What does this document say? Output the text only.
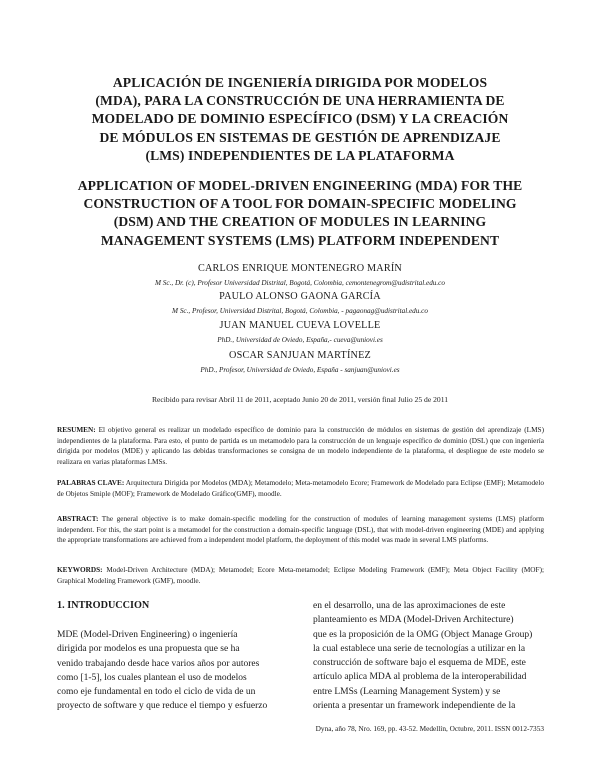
APLICACIÓN DE INGENIERÍA DIRIGIDA POR MODELOS
(MDA), PARA LA CONSTRUCCIÓN DE UNA HERRAMIENTA DE
MODELADO DE DOMINIO ESPECÍFICO (DSM) Y LA CREACIÓN
DE MÓDULOS EN SISTEMAS DE GESTIÓN DE APRENDIZAJE
(LMS) INDEPENDIENTES DE LA PLATAFORMA
APPLICATION OF MODEL-DRIVEN ENGINEERING (MDA) FOR THE
CONSTRUCTION OF A TOOL FOR DOMAIN-SPECIFIC MODELING
(DSM) AND THE CREATION OF MODULES IN LEARNING
MANAGEMENT SYSTEMS (LMS) PLATFORM INDEPENDENT
CARLOS ENRIQUE MONTENEGRO MARÍN
M Sc., Dr. (c), Profesor Universidad Distrital, Bogotá, Colombia, cemontenegrom@udistrital.edu.co
PAULO ALONSO GAONA GARCÍA
M Sc., Profesor, Universidad Distrital, Bogotá, Colombia, - pagaonag@udistrital.edu.co
JUAN MANUEL CUEVA LOVELLE
PhD., Universidad de Oviedo, España,- cueva@uniovi.es
OSCAR SANJUAN MARTÍNEZ
PhD., Profesor, Universidad de Oviedo, España - sanjuan@uniovi.es
Recibido para revisar Abril 11 de 2011, aceptado Junio 20 de 2011, versión final Julio 25 de 2011
RESUMEN: El objetivo general es realizar un modelado específico de dominio para la construcción de módulos en sistemas de gestión del aprendizaje (LMS) independientes de la plataforma. Para esto, el punto de partida es un metamodelo para la construcción de un lenguaje específico de dominio (DSL) que con ingeniería dirigida por modelos (MDE) y aplicando las debidas transformaciones se consigna de un modelo independiente de la plataforma, el despliegue de este modelo se realizara en varias plataformas LMSs.
PALABRAS CLAVE: Arquitectura Dirigida por Modelos (MDA); Metamodelo; Meta-metamodelo Ecore; Framework de Modelado para Eclipse (EMF); Metamodelo de Objetos Smiple (MOF); Framework de Modelado Gráfico(GMF), moodle.
ABSTRACT: The general objective is to make domain-specific modeling for the construction of modules of learning management systems (LMS) platform independent. For this, the start point is a metamodel for the construction a domain-specific language (DSL), that with model-driven engineering (MDE) and applying the appropriate transformations are achieved from a independent model platform, the deployment of this model was made in several LMS platforms.
KEYWORDS: Model-Driven Architecture (MDA); Metamodel; Ecore Meta-metamodel; Eclipse Modeling Framework (EMF); Meta Object Facility (MOF); Graphical Modeling Framework (GMF), moodle.
1. INTRODUCCION
MDE (Model-Driven Engineering) o ingeniería
dirigida por modelos es una propuesta que se ha
venido trabajando desde hace varios años por autores
como [1-5], los cuales plantean el uso de modelos
como eje fundamental en todo el ciclo de vida de un
proyecto de software y que reduce el tiempo y esfuerzo
en el desarrollo, una de las aproximaciones de este
planteamiento es MDA (Model-Driven Architecture)
que es la proposición de la OMG (Object Manage Group)
la cual establece una serie de tecnologías a utilizar en la
construcción de software bajo el esquema de MDE, este
artículo aplica MDA al problema de la interoperabilidad
entre LMSs (Learning Management System) y se
orienta a presentar un framework independiente de la
Dyna, año 78, Nro. 169, pp. 43-52. Medellín, Octubre, 2011. ISSN 0012-7353
